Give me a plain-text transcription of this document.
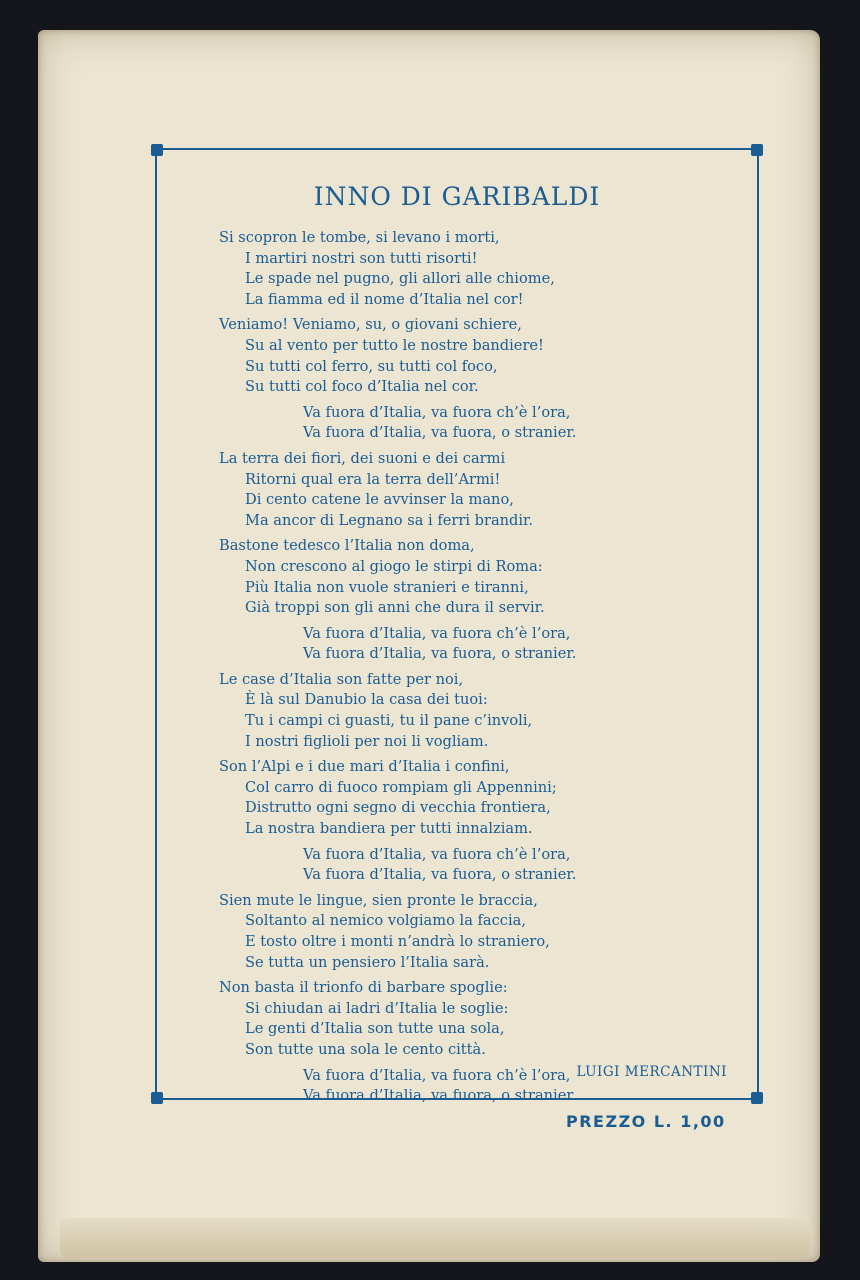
INNO DI GARIBALDI
Si scopron le tombe, si levano i morti,
I martiri nostri son tutti risorti!
Le spade nel pugno, gli allori alle chiome,
La fiamma ed il nome d’Italia nel cor!
Veniamo! Veniamo, su, o giovani schiere,
Su al vento per tutto le nostre bandiere!
Su tutti col ferro, su tutti col foco,
Su tutti col foco d’Italia nel cor.
Va fuora d’Italia, va fuora ch’è l’ora,
Va fuora d’Italia, va fuora, o stranier.
La terra dei fiori, dei suoni e dei carmi
Ritorni qual era la terra dell’Armi!
Di cento catene le avvinser la mano,
Ma ancor di Legnano sa i ferri brandir.
Bastone tedesco l’Italia non doma,
Non crescono al giogo le stirpi di Roma:
Più Italia non vuole stranieri e tiranni,
Già troppi son gli anni che dura il servir.
Va fuora d’Italia, va fuora ch’è l’ora,
Va fuora d’Italia, va fuora, o stranier.
Le case d’Italia son fatte per noi,
È là sul Danubio la casa dei tuoi:
Tu i campi ci guasti, tu il pane c’involi,
I nostri figlioli per noi li vogliam.
Son l’Alpi e i due mari d’Italia i confini,
Col carro di fuoco rompiam gli Appennini;
Distrutto ogni segno di vecchia frontiera,
La nostra bandiera per tutti innalziam.
Va fuora d’Italia, va fuora ch’è l’ora,
Va fuora d’Italia, va fuora, o stranier.
Sien mute le lingue, sien pronte le braccia,
Soltanto al nemico volgiamo la faccia,
E tosto oltre i monti n’andrà lo straniero,
Se tutta un pensiero l’Italia sarà.
Non basta il trionfo di barbare spoglie:
Si chiudan ai ladri d’Italia le soglie:
Le genti d’Italia son tutte una sola,
Son tutte una sola le cento città.
Va fuora d’Italia, va fuora ch’è l’ora,
Va fuora d’Italia, va fuora, o stranier.
LUIGI MERCANTINI
PREZZO L. 1,00
